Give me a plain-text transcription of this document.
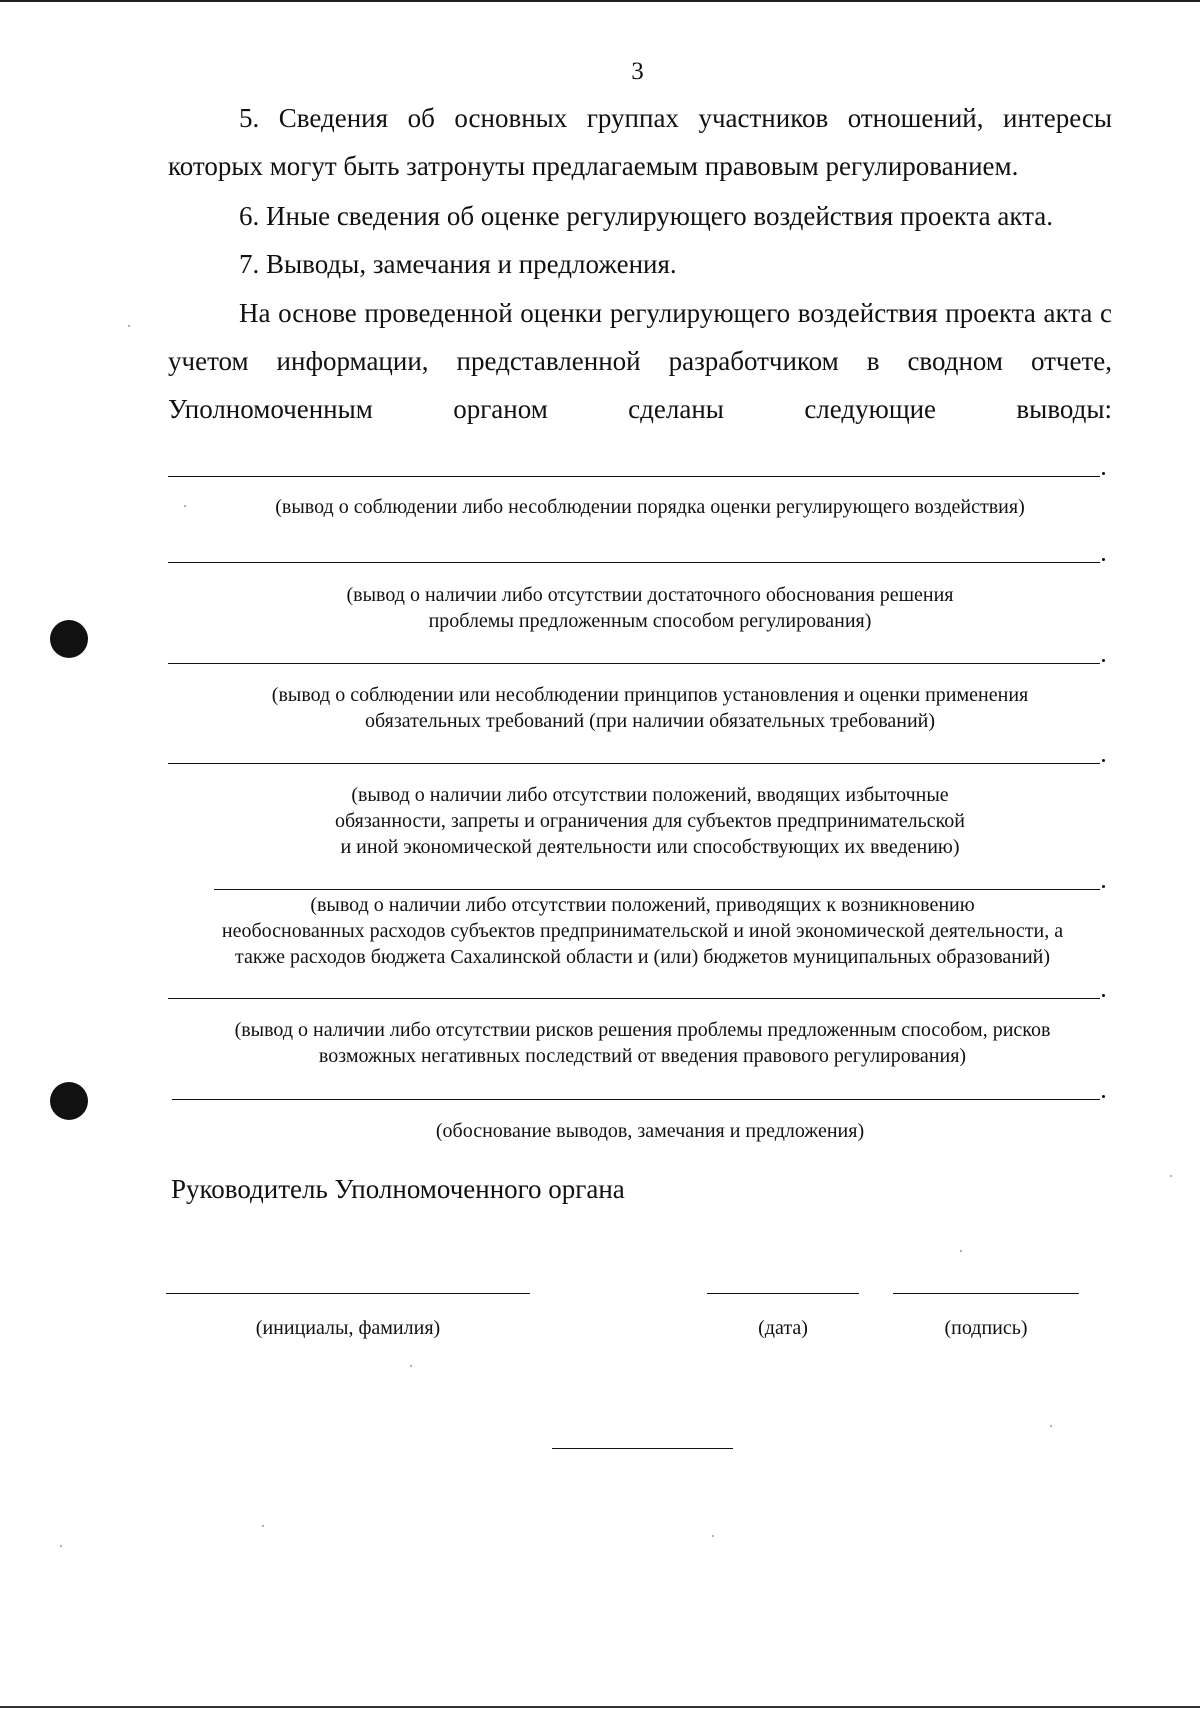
3

5. Сведения об основных группах участников отношений, интересы которых могут быть затронуты предлагаемым правовым регулированием.

6. Иные сведения об оценке регулирующего воздействия проекта акта.

7. Выводы, замечания и предложения.

На основе проведенной оценки регулирующего воздействия проекта акта с учетом информации, представленной разработчиком в сводном отчете, Уполномоченным органом сделаны следующие выводы:

(вывод о соблюдении либо несоблюдении порядка оценки регулирующего воздействия)

(вывод о наличии либо отсутствии достаточного обоснования решения
проблемы предложенным способом регулирования)

(вывод о соблюдении или несоблюдении принципов установления и оценки применения
обязательных требований (при наличии обязательных требований)

(вывод о наличии либо отсутствии положений, вводящих избыточные
обязанности, запреты и ограничения для субъектов предпринимательской
и иной экономической деятельности или способствующих их введению)

(вывод о наличии либо отсутствии положений, приводящих к возникновению
необоснованных расходов субъектов предпринимательской и иной экономической деятельности, а
также расходов бюджета Сахалинской области и (или) бюджетов муниципальных образований)

(вывод о наличии либо отсутствии рисков решения проблемы предложенным способом, рисков
возможных негативных последствий от введения правового регулирования)

(обоснование выводов, замечания и предложения)

Руководитель Уполномоченного органа

(инициалы, фамилия)	(дата)	(подпись)
